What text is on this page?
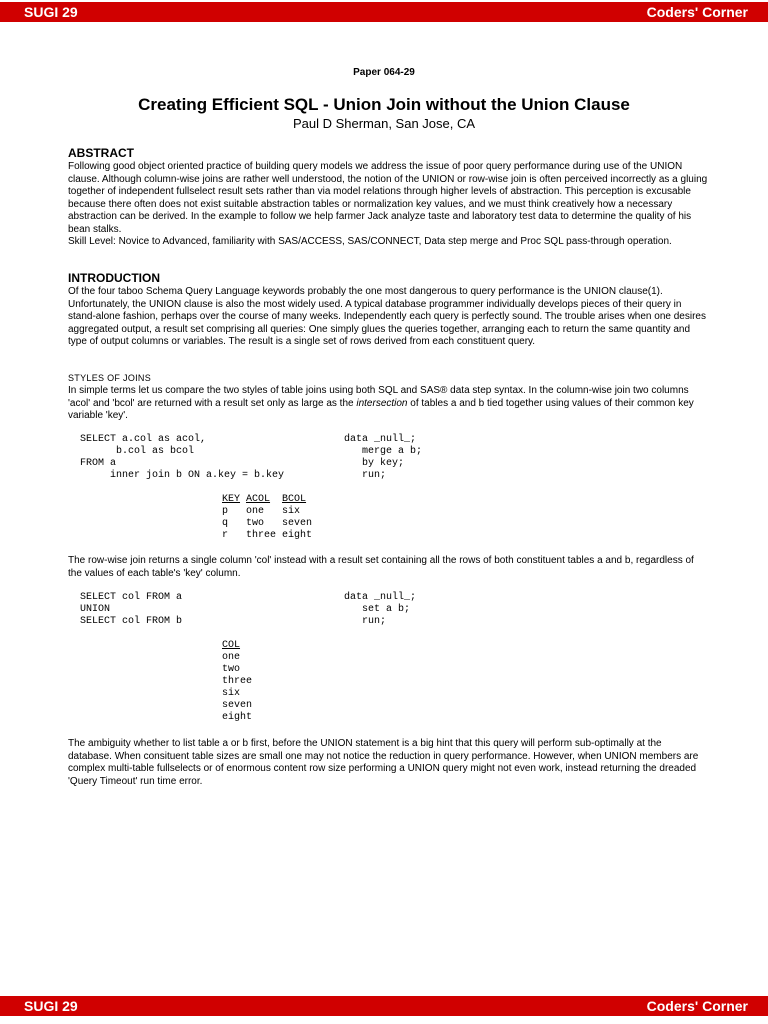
SUGI 29	Coders' Corner
Paper 064-29
Creating Efficient SQL - Union Join without the Union Clause
Paul D Sherman, San Jose, CA
ABSTRACT
Following good object oriented practice of building query models we address the issue of poor query performance during use of the UNION clause. Although column-wise joins are rather well understood, the notion of the UNION or row-wise join is often perceived incorrectly as a gluing together of independent fullselect result sets rather than via model relations through higher levels of abstraction. This perception is excusable because there often does not exist suitable abstraction tables or normalization key values, and we must think creatively how a necessary abstraction can be derived. In the example to follow we help farmer Jack analyze taste and laboratory test data to determine the quality of his bean stalks.
Skill Level: Novice to Advanced, familiarity with SAS/ACCESS, SAS/CONNECT, Data step merge and Proc SQL pass-through operation.
INTRODUCTION
Of the four taboo Schema Query Language keywords probably the one most dangerous to query performance is the UNION clause(1). Unfortunately, the UNION clause is also the most widely used. A typical database programmer individually develops pieces of their query in stand-alone fashion, perhaps over the course of many weeks. Independently each query is perfectly sound. The trouble arises when one desires aggregated output, a result set comprising all queries: One simply glues the queries together, arranging each to return the same quantity and type of output columns or variables. The result is a single set of rows derived from each constituent query.
STYLES OF JOINS
In simple terms let us compare the two styles of table joins using both SQL and SAS® data step syntax. In the column-wise join two columns 'acol' and 'bcol' are returned with a result set only as large as the intersection of tables a and b tied together using values of their common key variable 'key'.
SELECT a.col as acol,
b.col as bcol
FROM a
inner join b ON a.key = b.key
data _null_;
merge a b;
by key;
run;
KEY	ACOL	BCOL
p	one	six
q	two	seven
r	three	eight
The row-wise join returns a single column 'col' instead with a result set containing all the rows of both constituent tables a and b, regardless of the values of each table's 'key' column.
SELECT col FROM a
UNION
SELECT col FROM b
data _null_;
set a b;
run;
COL
one
two
three
six
seven
eight
The ambiguity whether to list table a or b first, before the UNION statement is a big hint that this query will perform sub-optimally at the database. When consituent table sizes are small one may not notice the reduction in query performance. However, when UNION members are complex multi-table fullselects or of enormous content row size performing a UNION query might not even work, instead returning the dreaded 'Query Timeout' run time error.
SUGI 29	Coders' Corner
